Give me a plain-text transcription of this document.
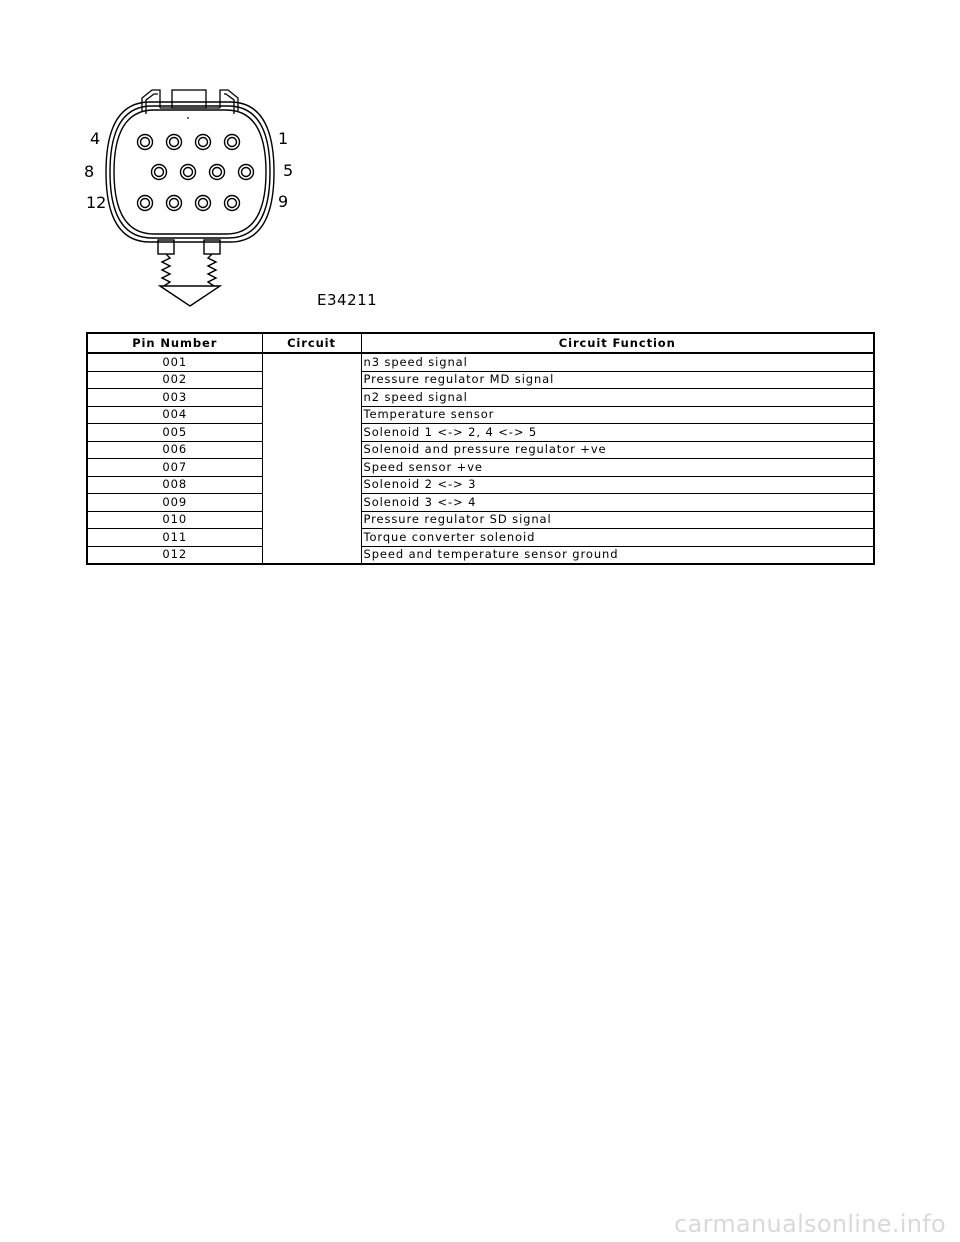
4	1
8	5
12	9
E34211
Pin Number	Circuit	Circuit Function
001		n3 speed signal
002		Pressure regulator MD signal
003		n2 speed signal
004		Temperature sensor
005		Solenoid 1 <-> 2, 4 <-> 5
006		Solenoid and pressure regulator +ve
007		Speed sensor +ve
008		Solenoid 2 <-> 3
009		Solenoid 3 <-> 4
010		Pressure regulator SD signal
011		Torque converter solenoid
012		Speed and temperature sensor ground
carmanualsonline.info
